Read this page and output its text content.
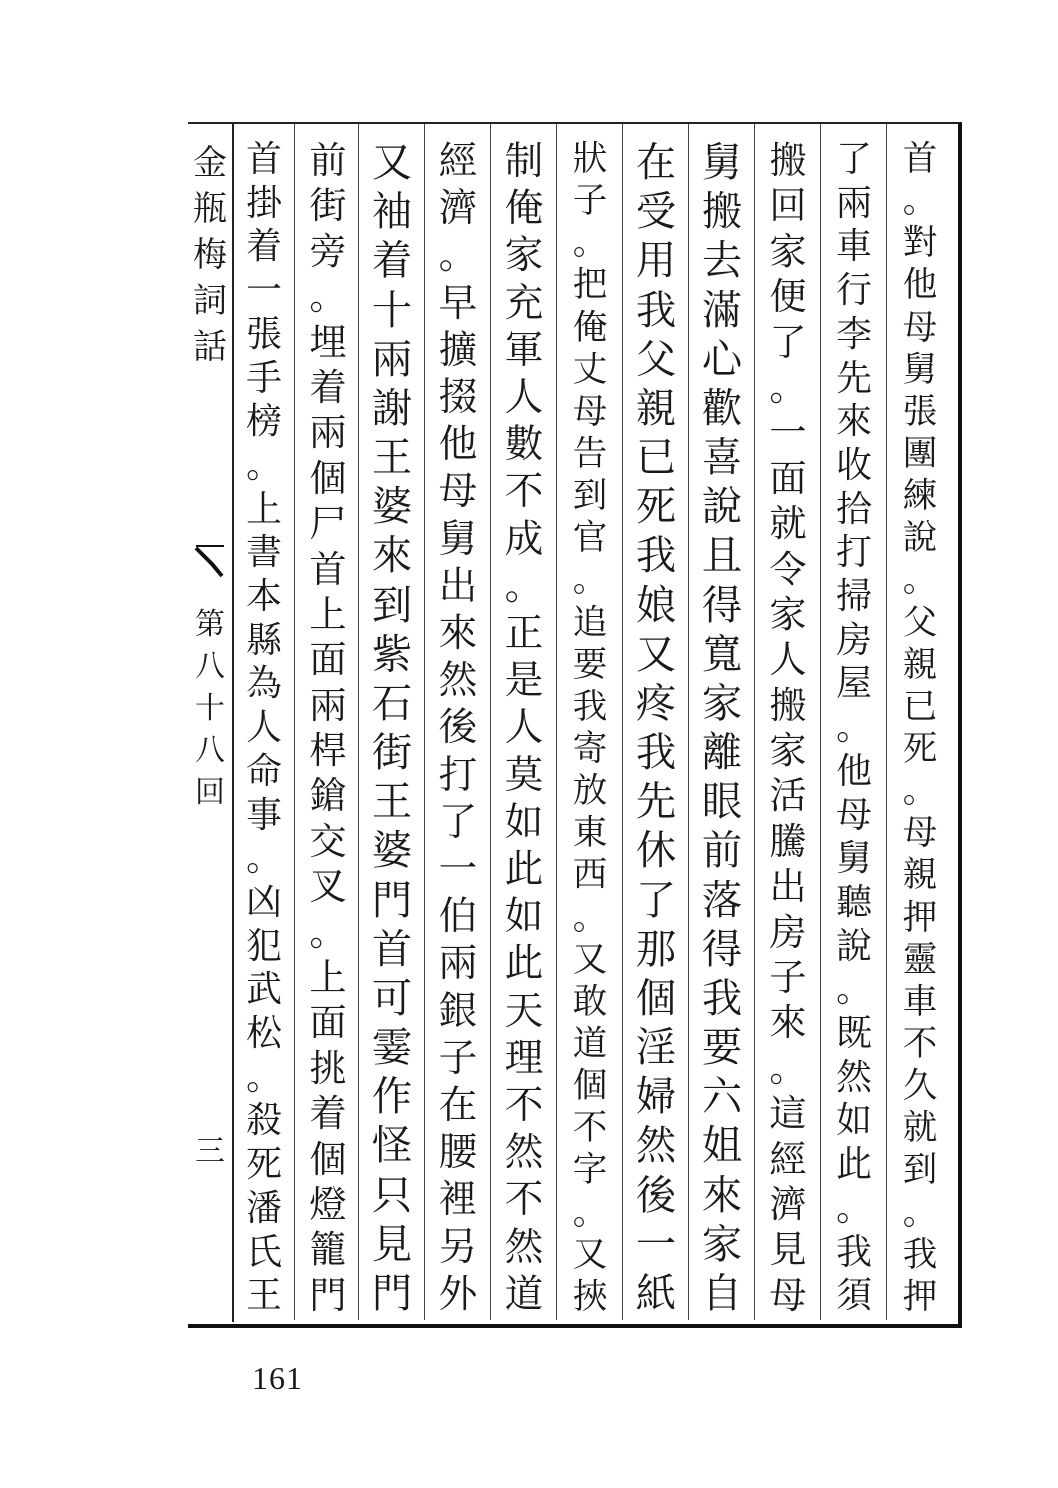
金
瓶
梅
詞
話
第
八
十
八
回
三
首
。
對
他
母
舅
張
團
練
說
。
父
親
已
死
。
母
親
押
靈
車
不
久
就
到
。
我
押
了
兩
車
行
李
先
來
收
拾
打
掃
房
屋
。
他
母
舅
聽
說
。
既
然
如
此
。
我
須
搬
回
家
便
了
。
一
面
就
令
家
人
搬
家
活
騰
出
房
子
來
。
這
經
濟
見
母
舅
搬
去
滿
心
歡
喜
說
且
得
寬
家
離
眼
前
落
得
我
要
六
姐
來
家
自
在
受
用
我
父
親
已
死
我
娘
又
疼
我
先
休
了
那
個
淫
婦
然
後
一
紙
狀
子
。
把
俺
丈
母
告
到
官
。
追
要
我
寄
放
東
西
。
又
敢
道
個
不
字
。
又
挾
制
俺
家
充
軍
人
數
不
成
。
正
是
人
莫
如
此
如
此
天
理
不
然
不
然
道
經
濟
。
早
擴
掇
他
母
舅
出
來
然
後
打
了
一
伯
兩
銀
子
在
腰
裡
另
外
又
袖
着
十
兩
謝
王
婆
來
到
紫
石
街
王
婆
門
首
可
霎
作
怪
只
見
門
前
街
旁
。
埋
着
兩
個
尸
首
上
面
兩
桿
鎗
交
叉
。
上
面
挑
着
個
燈
籠
門
首
掛
着
一
張
手
榜
。
上
書
本
縣
為
人
命
事
。
凶
犯
武
松
。
殺
死
潘
氏
王
161
